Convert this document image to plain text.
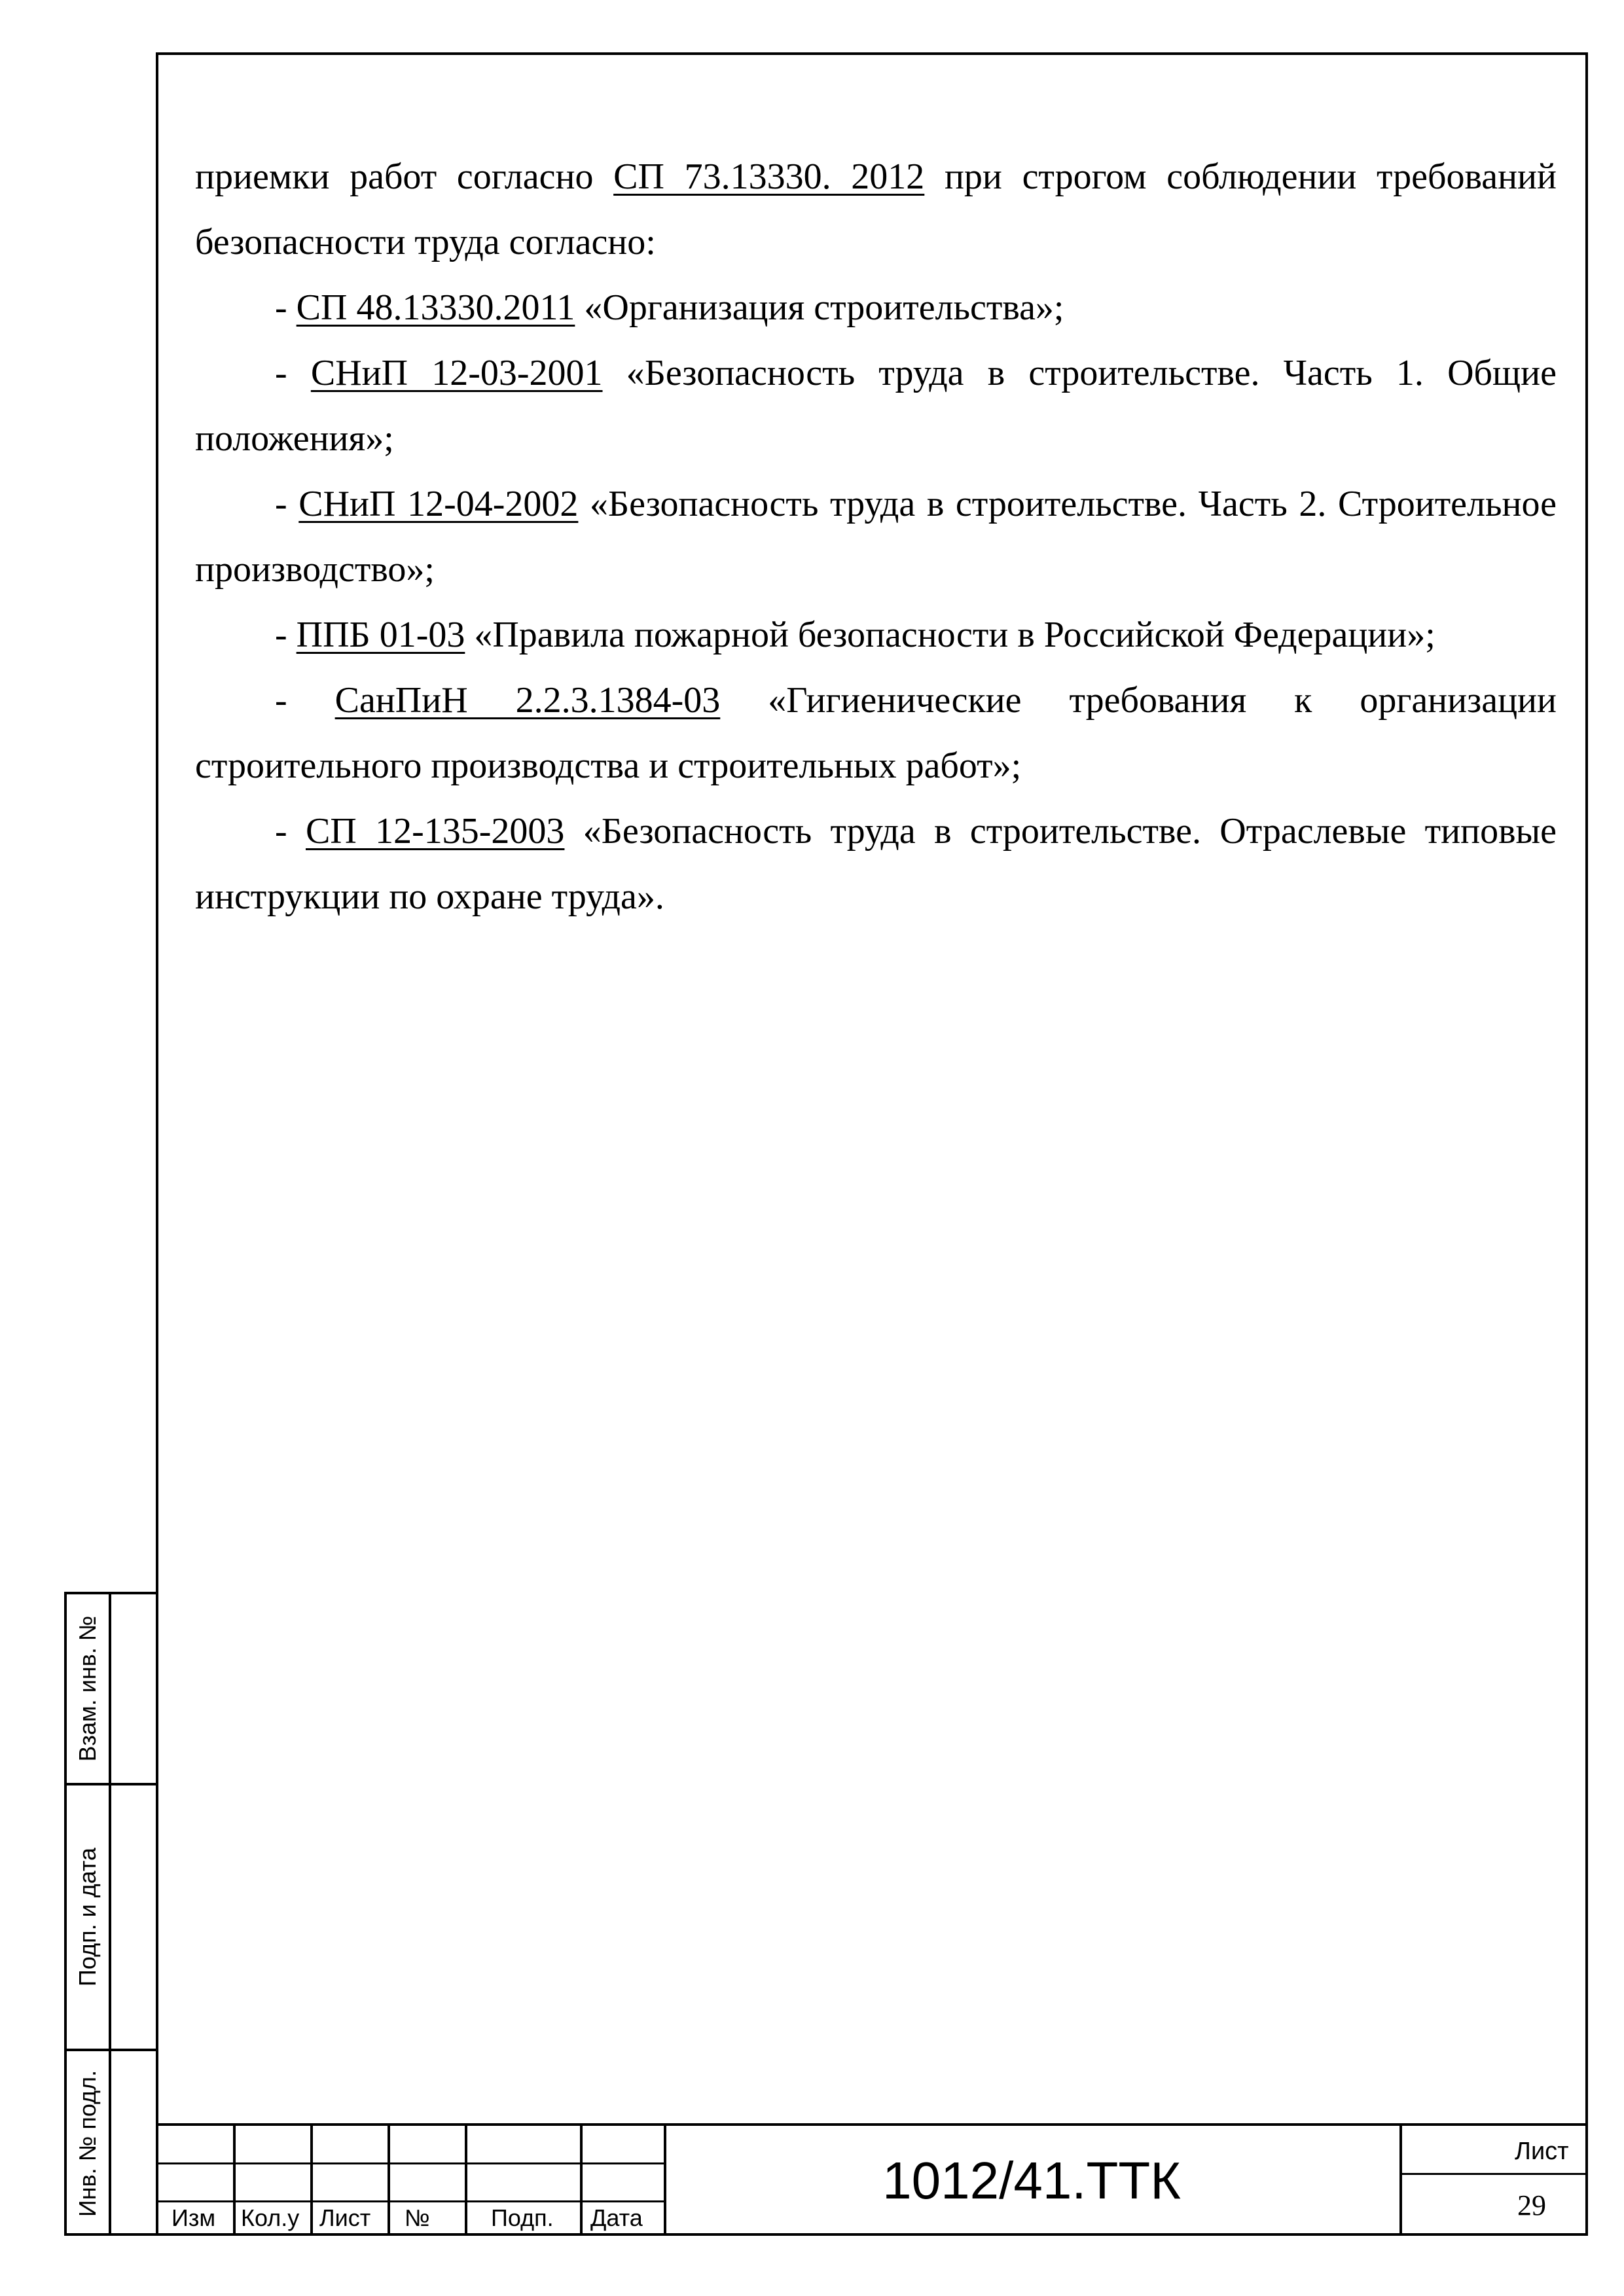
приемки работ согласно СП 73.13330. 2012 при строгом соблюдении требований безопасности труда согласно:

- СП 48.13330.2011 «Организация строительства»;

- СНиП 12-03-2001 «Безопасность труда в строительстве. Часть 1. Общие положения»;

- СНиП 12-04-2002 «Безопасность труда в строительстве. Часть 2. Строительное производство»;

- ППБ 01-03 «Правила пожарной безопасности в Российской Федерации»;

- СанПиН 2.2.3.1384-03 «Гигиенические требования к организации строительного производства и строительных работ»;

- СП 12-135-2003 «Безопасность труда в строительстве. Отраслевые типовые инструкции по охране труда».

Взам. инв. №
Подп. и дата
Инв. № подл.
Изм Кол.у Лист №	Подп. Дата
1012/41.ТТК	Лист
29
